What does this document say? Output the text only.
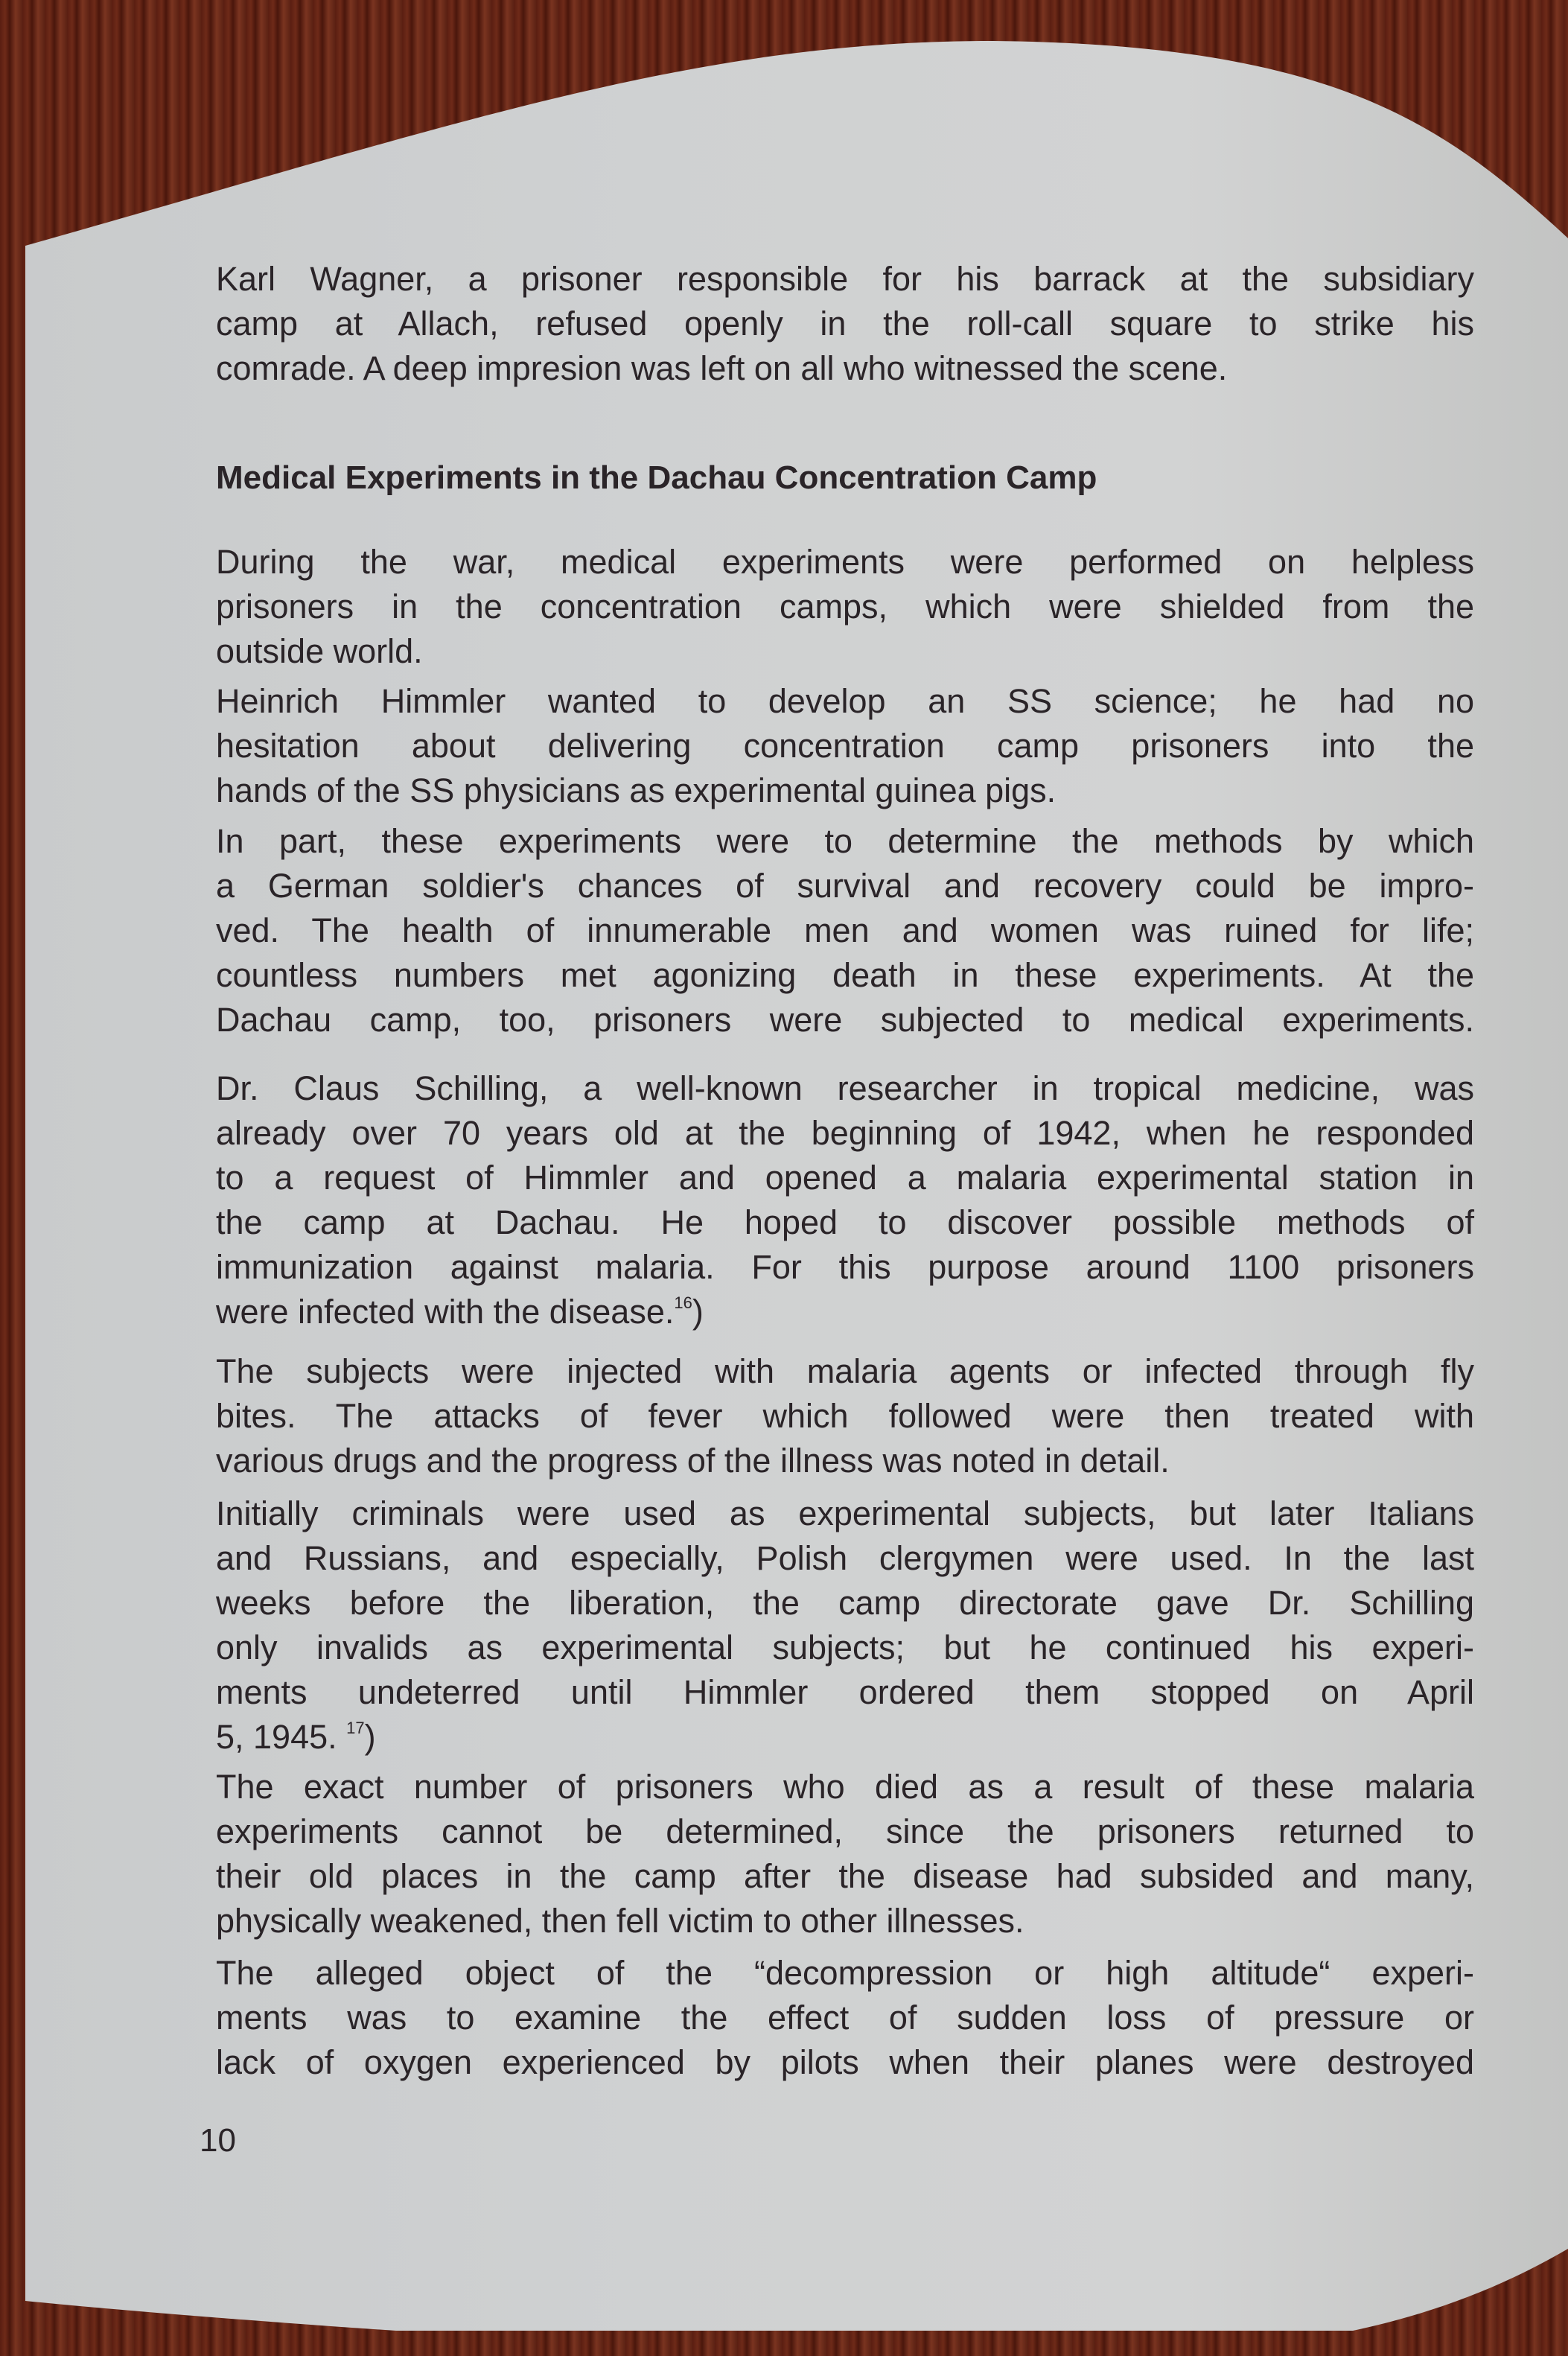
Karl Wagner, a prisoner responsible for his barrack at the subsidiary
camp at Allach, refused openly in the roll-call square to strike his
comrade. A deep impresion was left on all who witnessed the scene.
Medical Experiments in the Dachau Concentration Camp
During the war, medical experiments were performed on helpless
prisoners in the concentration camps, which were shielded from the
outside world.
Heinrich Himmler wanted to develop an SS science; he had no
hesitation about delivering concentration camp prisoners into the
hands of the SS physicians as experimental guinea pigs.
In part, these experiments were to determine the methods by which
a German soldier's chances of survival and recovery could be impro-
ved. The health of innumerable men and women was ruined for life;
countless numbers met agonizing death in these experiments. At the
Dachau camp, too, prisoners were subjected to medical experiments.
Dr. Claus Schilling, a well-known researcher in tropical medicine, was
already over 70 years old at the beginning of 1942, when he responded
to a request of Himmler and opened a malaria experimental station in
the camp at Dachau. He hoped to discover possible methods of
immunization against malaria. For this purpose around 1100 prisoners
were infected with the disease.$^{16}$)
The subjects were injected with malaria agents or infected through fly
bites. The attacks of fever which followed were then treated with
various drugs and the progress of the illness was noted in detail.
Initially criminals were used as experimental subjects, but later Italians
and Russians, and especially, Polish clergymen were used. In the last
weeks before the liberation, the camp directorate gave Dr. Schilling
only invalids as experimental subjects; but he continued his experi-
ments undeterred until Himmler ordered them stopped on April
5, 1945. $^{17}$)
The exact number of prisoners who died as a result of these malaria
experiments cannot be determined, since the prisoners returned to
their old places in the camp after the disease had subsided and many,
physically weakened, then fell victim to other illnesses.
The alleged object of the “decompression or high altitude“ experi-
ments was to examine the effect of sudden loss of pressure or
lack of oxygen experienced by pilots when their planes were destroyed
10
